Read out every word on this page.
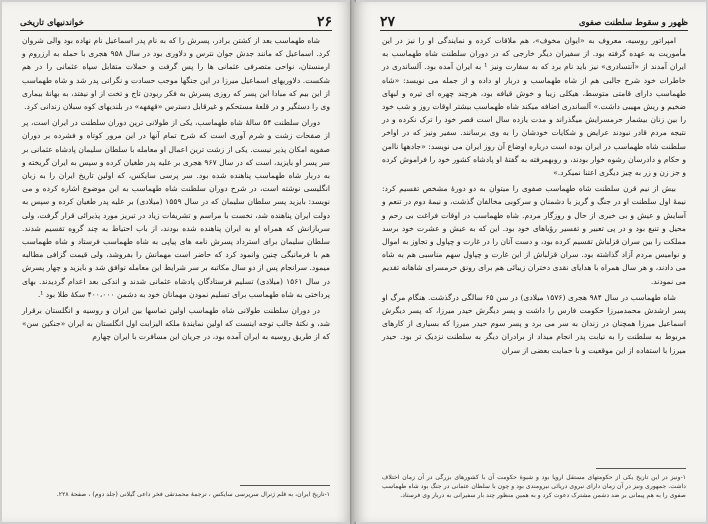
۲۶
خواندنیهای تاریخی

شاه طهماسب بعد از کشتن برادر، پسرش را که به نام پدر اسماعیل نام نهاده بود والی شروان کرد. اسماعیل که مانند جدش جوان نترس و دلاوری بود در سال ۹۵۸ هجری با حمله به ارزروم و ارمنستان، نواحی متصرفی عثمانی ها را پس گرفت و حملات متقابل سپاه عثمانی را در هم شکست. دلاوریهای اسماعیل میرزا در این جنگها موجب حسادت و نگرانی پدر شد و شاه طهماسب از این بیم که مبادا این پسر که روزی پسرش به فکر ربودن تاج و تخت از او نیفتد، به بهانهٔ بیماری وی را دستگیر و در قلعهٔ مستحکم و غیرقابل دسترس «قهقهه» در بلندیهای کوه سبلان زندانی کرد.

دوران سلطنت ۵۴ سالهٔ شاه طهماسب، یکی از طولانی ترین دوران سلطنت در ایران است، پر از صفحات زشت و شرم آوری است که شرح تمام آنها در این مرور کوتاه و فشرده بر دوران صفویه امکان پذیر نیست. یکی از زشت ترین اعمال او معامله با سلطان سلیمان پادشاه عثمانی بر سر پسر او بایزید، است که در سال ۹۶۷ هجری بر علیه پدر طغیان کرده و سپس به ایران گریخته و به دربار شاه طهماسب پناهنده شده بود. سر پرسی سایکس، که اولین تاریخ ایران را به زبان انگلیسی نوشته است، در شرح دوران سلطنت شاه طهماسب به این موضوع اشاره کرده و می نویسد: بایزید پسر سلطان سلیمان که در سال ۱۵۵۹ (میلادی) بر علیه پدر طغیان کرده و سپس به دولت ایران پناهنده شد، نخست با مراسم و تشریفات زیاد در تبریز مورد پذیرائی قرار گرفت، ولی سربازانش که همراه او به ایران پناهنده شده بودند، از باب احتیاط به چند گروه تقسیم شدند. سلطان سلیمان برای استرداد پسرش نامه های پیاپی به شاه طهماسب فرستاد و شاه طهماسب هم با فرمانیگی چنین وانمود کرد که حاضر است مهمانش را بفروشد، ولی قیمت گزافی مطالبه میمود. سرانجام پس از دو سال مکاتبه بر سر شرایط این معامله توافق شد و بایزید و چهار پسرش در سال ۱۵۶۱ (میلادی) تسلیم فرستادگان پادشاه عثمانی شدند و اندکی بعد اعدام گردیدند. بهای پرداختی به شاه طهماسب برای تسلیم نمودن مهمانان خود به دشمن ۴۰۰،۰۰۰ سکهٔ طلا بود ¹.

در دوران سلطنت طولانی شاه طهماسب اولین تماسها بین ایران و روسیه و انگلستان برقرار شد، و نکتهٔ جالب توجه اینست که اولین نمایندهٔ ملکه الیزابت اول انگلستان به ایران «جنکین سن» که از طریق روسیه به ایران آمده بود، در جریان این مسافرت با ایران چهارم

۱-تاریخ ایران، به قلم ژنرال سرپرسی سایکس ، ترجمهٔ محمدتقی فخر داعی گیلانی (جلد دوم) ، صفحهٔ ۲۲۸.
ظهور و سقوط سلطنت صفوی
۲۷

امپراتور روسیه، معروف به «ایوان مخوف»، هم ملاقات کرده و نمایندگی او را نیز در این مأموریت به عهده گرفته بود. از سفیران دیگر خارجی که در دوران سلطنت شاه طهماسب به ایران آمدند از «آنتسادری» نیز باید نام برد که به سفارت ونیز ¹ به ایران آمده بود. آلساندری در خاطرات خود شرح جالبی هم از شاه طهماسب و دربار او داده و از جمله می نویسد: «شاه طهماسب دارای قامتی متوسط، هیکلی زیبا و خوش قیافه بود، هرچند چهره ای تیره و لبهای ضخیم و ریش مهیبی داشت.» آلساندری اضافه میکند شاه طهماسب بیشتر اوقات روز و شب خود را بین زنان بیشمار حرمسرایش میگذراند و مدت یازده سال است قصر خود را ترک نکرده و در نتیجه مردم قادر نبودند عرایض و شکایات خودشان را به وی برسانند. سفیر ونیز که در اواخر سلطنت شاه طهماسب در ایران بوده است درباره اوضاع آن روز ایران می نویسد: «جادهها ناامن و حکام و دادرسان رشوه خوار بودند، و روبهمرفته به گفتهٔ او پادشاه کشور خود را فراموش کرده و جز زن و زر به چیز دیگری اعتنا نمیکرد.»

بیش از نیم قرن سلطنت شاه طهماسب صفوی را میتوان به دو دورهٔ مشخص تقسیم کرد: نیمهٔ اول سلطنت او در جنگ و گریز با دشمنان و سرکوبی مخالفان گذشت، و نیمهٔ دوم در تنعم و آسایش و عیش و بی خبری از حال و روزگار مردم. شاه طهماسب در اوقات فراغت بی رحم و محیل و تنبع بود و در پی تعبیر و تفسیر رؤیاهای خود بود. این که به عیش و عشرت خود برسد مملکت را بین سران قزلباش تقسیم کرده بود، و دست آنان را در غارت و چپاول و تجاوز به اموال و نوامیس مردم آزاد گذاشته بود. سران قزلباش از این غارت و چپاول سهم مناسبی هم به شاه می دادند، و هر سال همراه با هدایای نقدی دختران زیبائی هم برای رونق حرمسرای شاهانه تقدیم می نمودند.

شاه طهماسب در سال ۹۸۴ هجری (۱۵۷۶ میلادی) در سن ۶۵ سالگی درگذشت. هنگام مرگ او پسر ارشدش محمدمیرزا حکومت فارس را داشت و پسر دیگرش حیدر میرزا، که پسر دیگرش اسماعیل میرزا همچنان در زندان به سر می برد و پسر سوم حیدر میرزا که بسیاری از کارهای مربوط به سلطنت را به نیابت پدر انجام میداد از برادران دیگر به سلطنت نزدیک تر بود. حیدر میرزا با استفاده از این موقعیت و با حمایت بعضی از سران

۱-ونیز در این تاریخ یکی از حکومتهای مستقل اروپا بود و شیوهٔ حکومت آن با کشورهای بزرگی در آن زمان اختلاف داشت. جمهوری ونیز در آن زمان دارای نیروی دریائی نیرومندی بود و چون با سلطان عثمانی در جنگ بود شاه طهماسب صفوی را به هم پیمانی بر ضد دشمن مشترک دعوت کرد و به همین منظور چند بار سفیرانی به دربار وی فرستاد.
